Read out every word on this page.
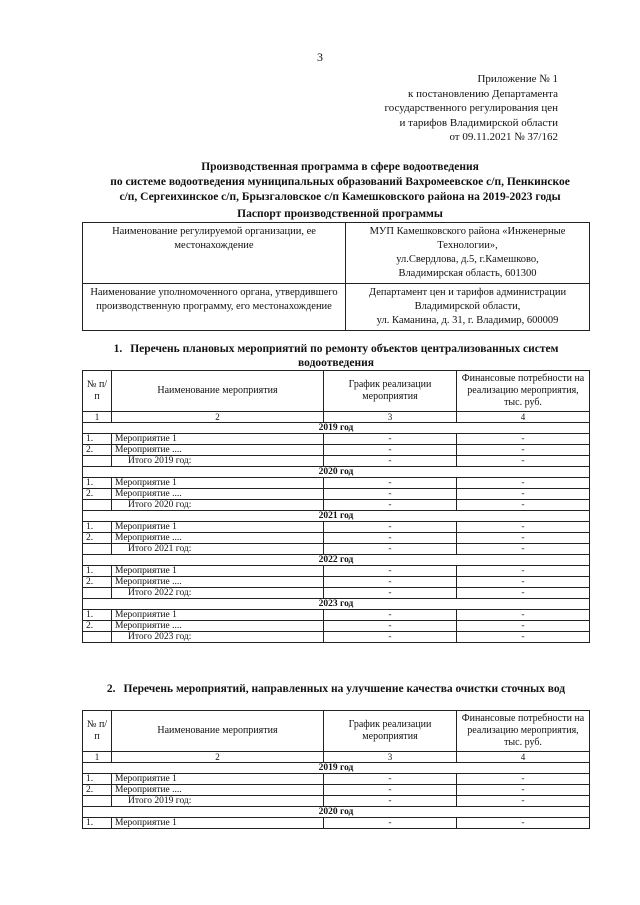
3
Приложение № 1
к постановлению Департамента
государственного регулирования цен
и тарифов Владимирской области
от 09.11.2021 № 37/162
Производственная программа в сфере водоотведения
по системе водоотведения муниципальных образований Вахромеевское с/п, Пенкинское
с/п, Сергеихинское с/п, Брызгаловское с/п Камешковского района на 2019-2023 годы
Паспорт производственной программы
Наименование регулируемой организации, ее местонахождение	МУП Камешковского района «Инженерные Технологии»,
ул.Свердлова, д.5, г.Камешково,
Владимирская область, 601300

Наименование уполномоченного органа, утвердившего производственную программу, его местонахождение	Департамент цен и тарифов администрации
Владимирской области,
ул. Каманина, д. 31, г. Владимир, 600009
1. Перечень плановых мероприятий по ремонту объектов централизованных систем водоотведения
№ п/п	Наименование мероприятия	График реализации мероприятия	Финансовые потребности на реализацию мероприятия, тыс. руб.
1	2	3	4
2019 год			
1.	Мероприятие 1	-	-
2.	Мероприятие ....	-	-
	Итого 2019 год:	-	-
2020 год			
1.	Мероприятие 1	-	-
2.	Мероприятие ....	-	-
	Итого 2020 год:	-	-
2021 год			
1.	Мероприятие 1	-	-
2.	Мероприятие ....	-	-
	Итого 2021 год:	-	-
2022 год			
1.	Мероприятие 1	-	-
2.	Мероприятие ....	-	-
	Итого 2022 год:	-	-
2023 год			
1.	Мероприятие 1	-	-
2.	Мероприятие ....	-	-
	Итого 2023 год:	-	-
2. Перечень мероприятий, направленных на улучшение качества очистки сточных вод
№ п/п	Наименование мероприятия	График реализации мероприятия	Финансовые потребности на реализацию мероприятия, тыс. руб.
1	2	3	4
2019 год			
1.	Мероприятие 1	-	-
2.	Мероприятие ....	-	-
	Итого 2019 год:	-	-
2020 год			
1.	Мероприятие 1	-	-
